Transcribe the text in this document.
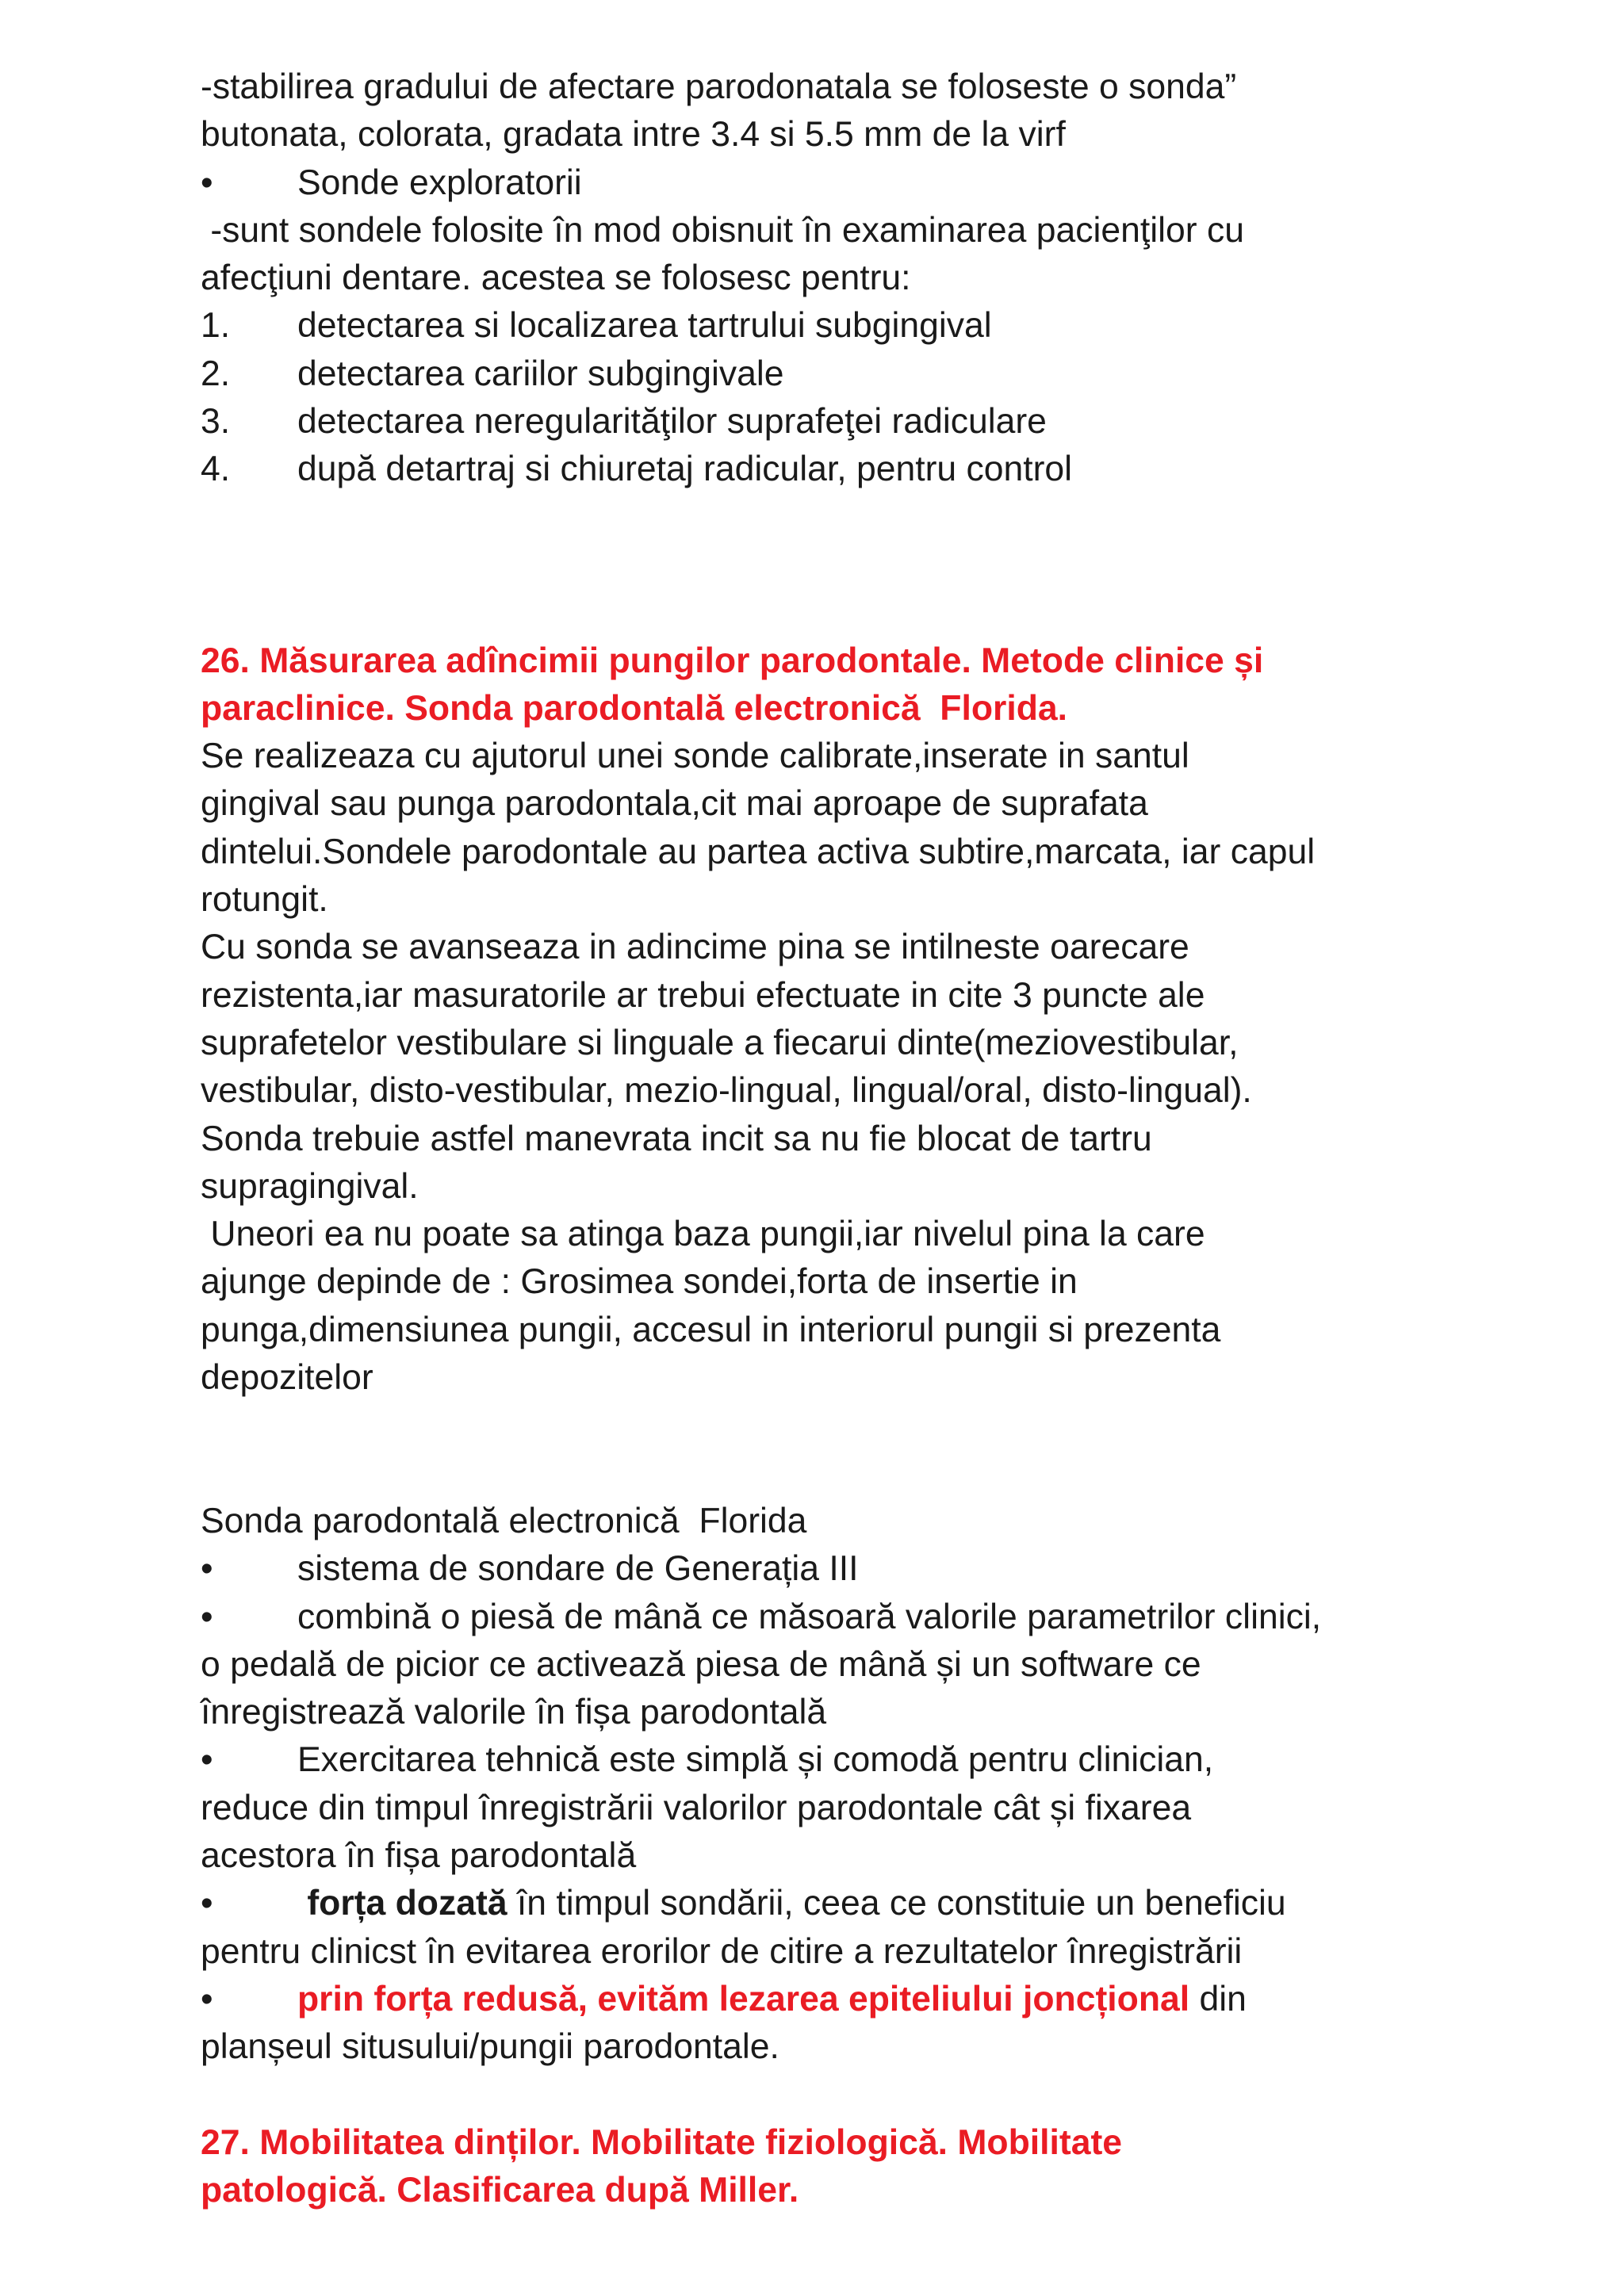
-stabilirea gradului de afectare parodonatala se foloseste o sonda”
butonata, colorata, gradata intre 3.4 si 5.5 mm de la virf
• Sonde exploratorii
-sunt sondele folosite în mod obisnuit în examinarea pacienţilor cu
afecţiuni dentare. acestea se folosesc pentru:
1. detectarea si localizarea tartrului subgingival
2. detectarea cariilor subgingivale
3. detectarea neregularităţilor suprafeţei radiculare
4. după detartraj si chiuretaj radicular, pentru control
26. Măsurarea adîncimii pungilor parodontale. Metode clinice și
paraclinice. Sonda parodontală electronică  Florida.
Se realizeaza cu ajutorul unei sonde calibrate,inserate in santul
gingival sau punga parodontala,cit mai aproape de suprafata
dintelui.Sondele parodontale au partea activa subtire,marcata, iar capul
rotungit.
Cu sonda se avanseaza in adincime pina se intilneste oarecare
rezistenta,iar masuratorile ar trebui efectuate in cite 3 puncte ale
suprafetelor vestibulare si linguale a fiecarui dinte(meziovestibular,
vestibular, disto-vestibular, mezio-lingual, lingual/oral, disto-lingual).
Sonda trebuie astfel manevrata incit sa nu fie blocat de tartru
supragingival.
Uneori ea nu poate sa atinga baza pungii,iar nivelul pina la care
ajunge depinde de : Grosimea sondei,forta de insertie in
punga,dimensiunea pungii, accesul in interiorul pungii si prezenta
depozitelor
Sonda parodontală electronică  Florida
• sistema de sondare de Generația III
• combină o piesă de mână ce măsoară valorile parametrilor clinici,
o pedală de picior ce activează piesa de mână și un software ce
înregistrează valorile în fișa parodontală
• Exercitarea tehnică este simplă și comodă pentru clinician,
reduce din timpul înregistrării valorilor parodontale cât și fixarea
acestora în fișa parodontală
• forța dozată în timpul sondării, ceea ce constituie un beneficiu
pentru clinicst în evitarea erorilor de citire a rezultatelor înregistrării
• prin forța redusă, evităm lezarea epiteliului joncțional din
planșeul situsului/pungii parodontale.
27. Mobilitatea dinților. Mobilitate fiziologică. Mobilitate
patologică. Clasificarea după Miller.
